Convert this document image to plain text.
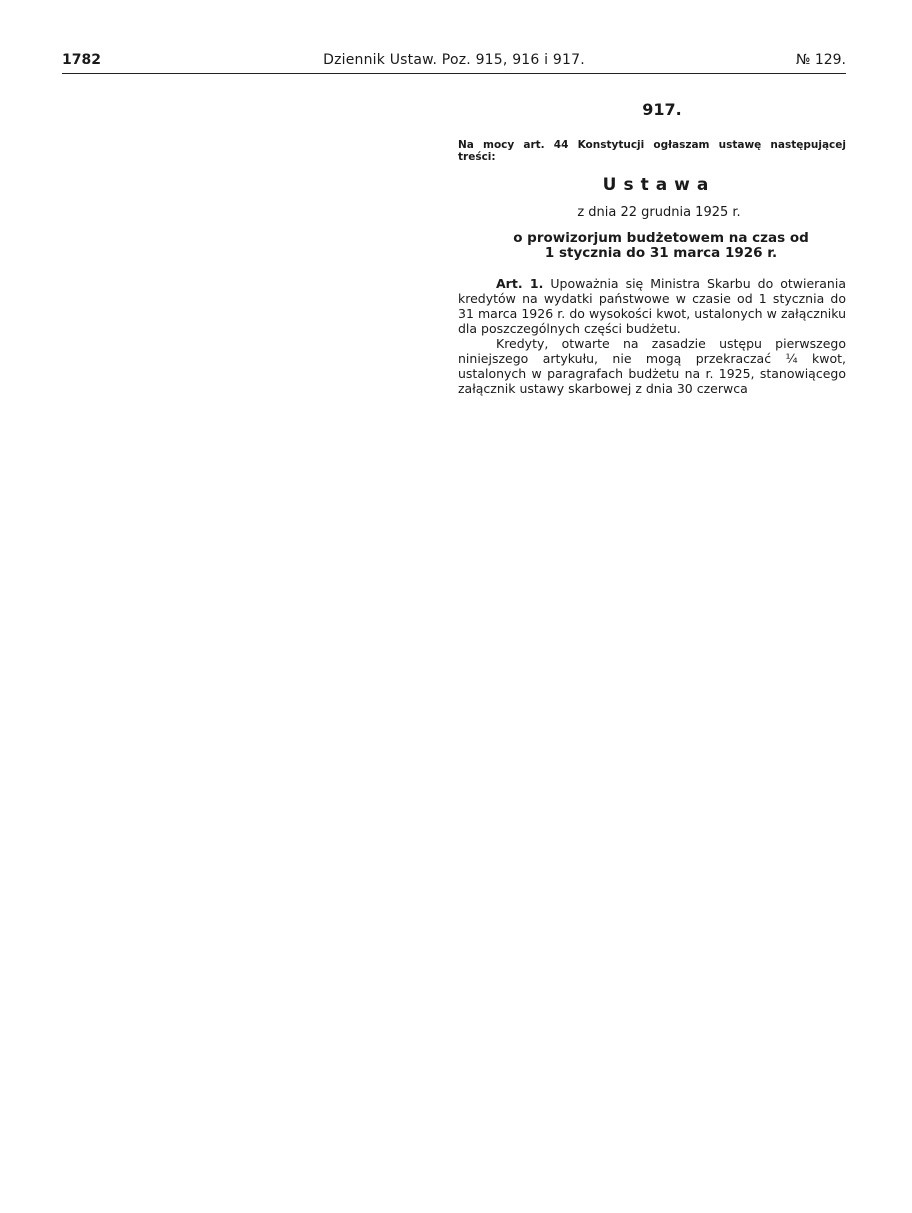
1782	Dziennik Ustaw. Poz. 915, 916 i 917.	№ 129.
917.

Na mocy art. 44 Konstytucji ogłaszam ustawę następującej treści:

Ustawa
z dnia 22 grudnia 1925 r.
o prowizorjum budżetowem na czas od
1 stycznia do 31 marca 1926 r.

Art. 1. Upoważnia się Ministra Skarbu do otwierania kredytów na wydatki państwowe w czasie od 1 stycznia do 31 marca 1926 r. do wysokości kwot, ustalonych w załączniku dla poszczególnych części budżetu.

Kredyty, otwarte na zasadzie ustępu pierwszego niniejszego artykułu, nie mogą przekraczać ¼ kwot, ustalonych w paragrafach budżetu na r. 1925, stanowiącego załącznik ustawy skarbowej z dnia 30 czerwca
